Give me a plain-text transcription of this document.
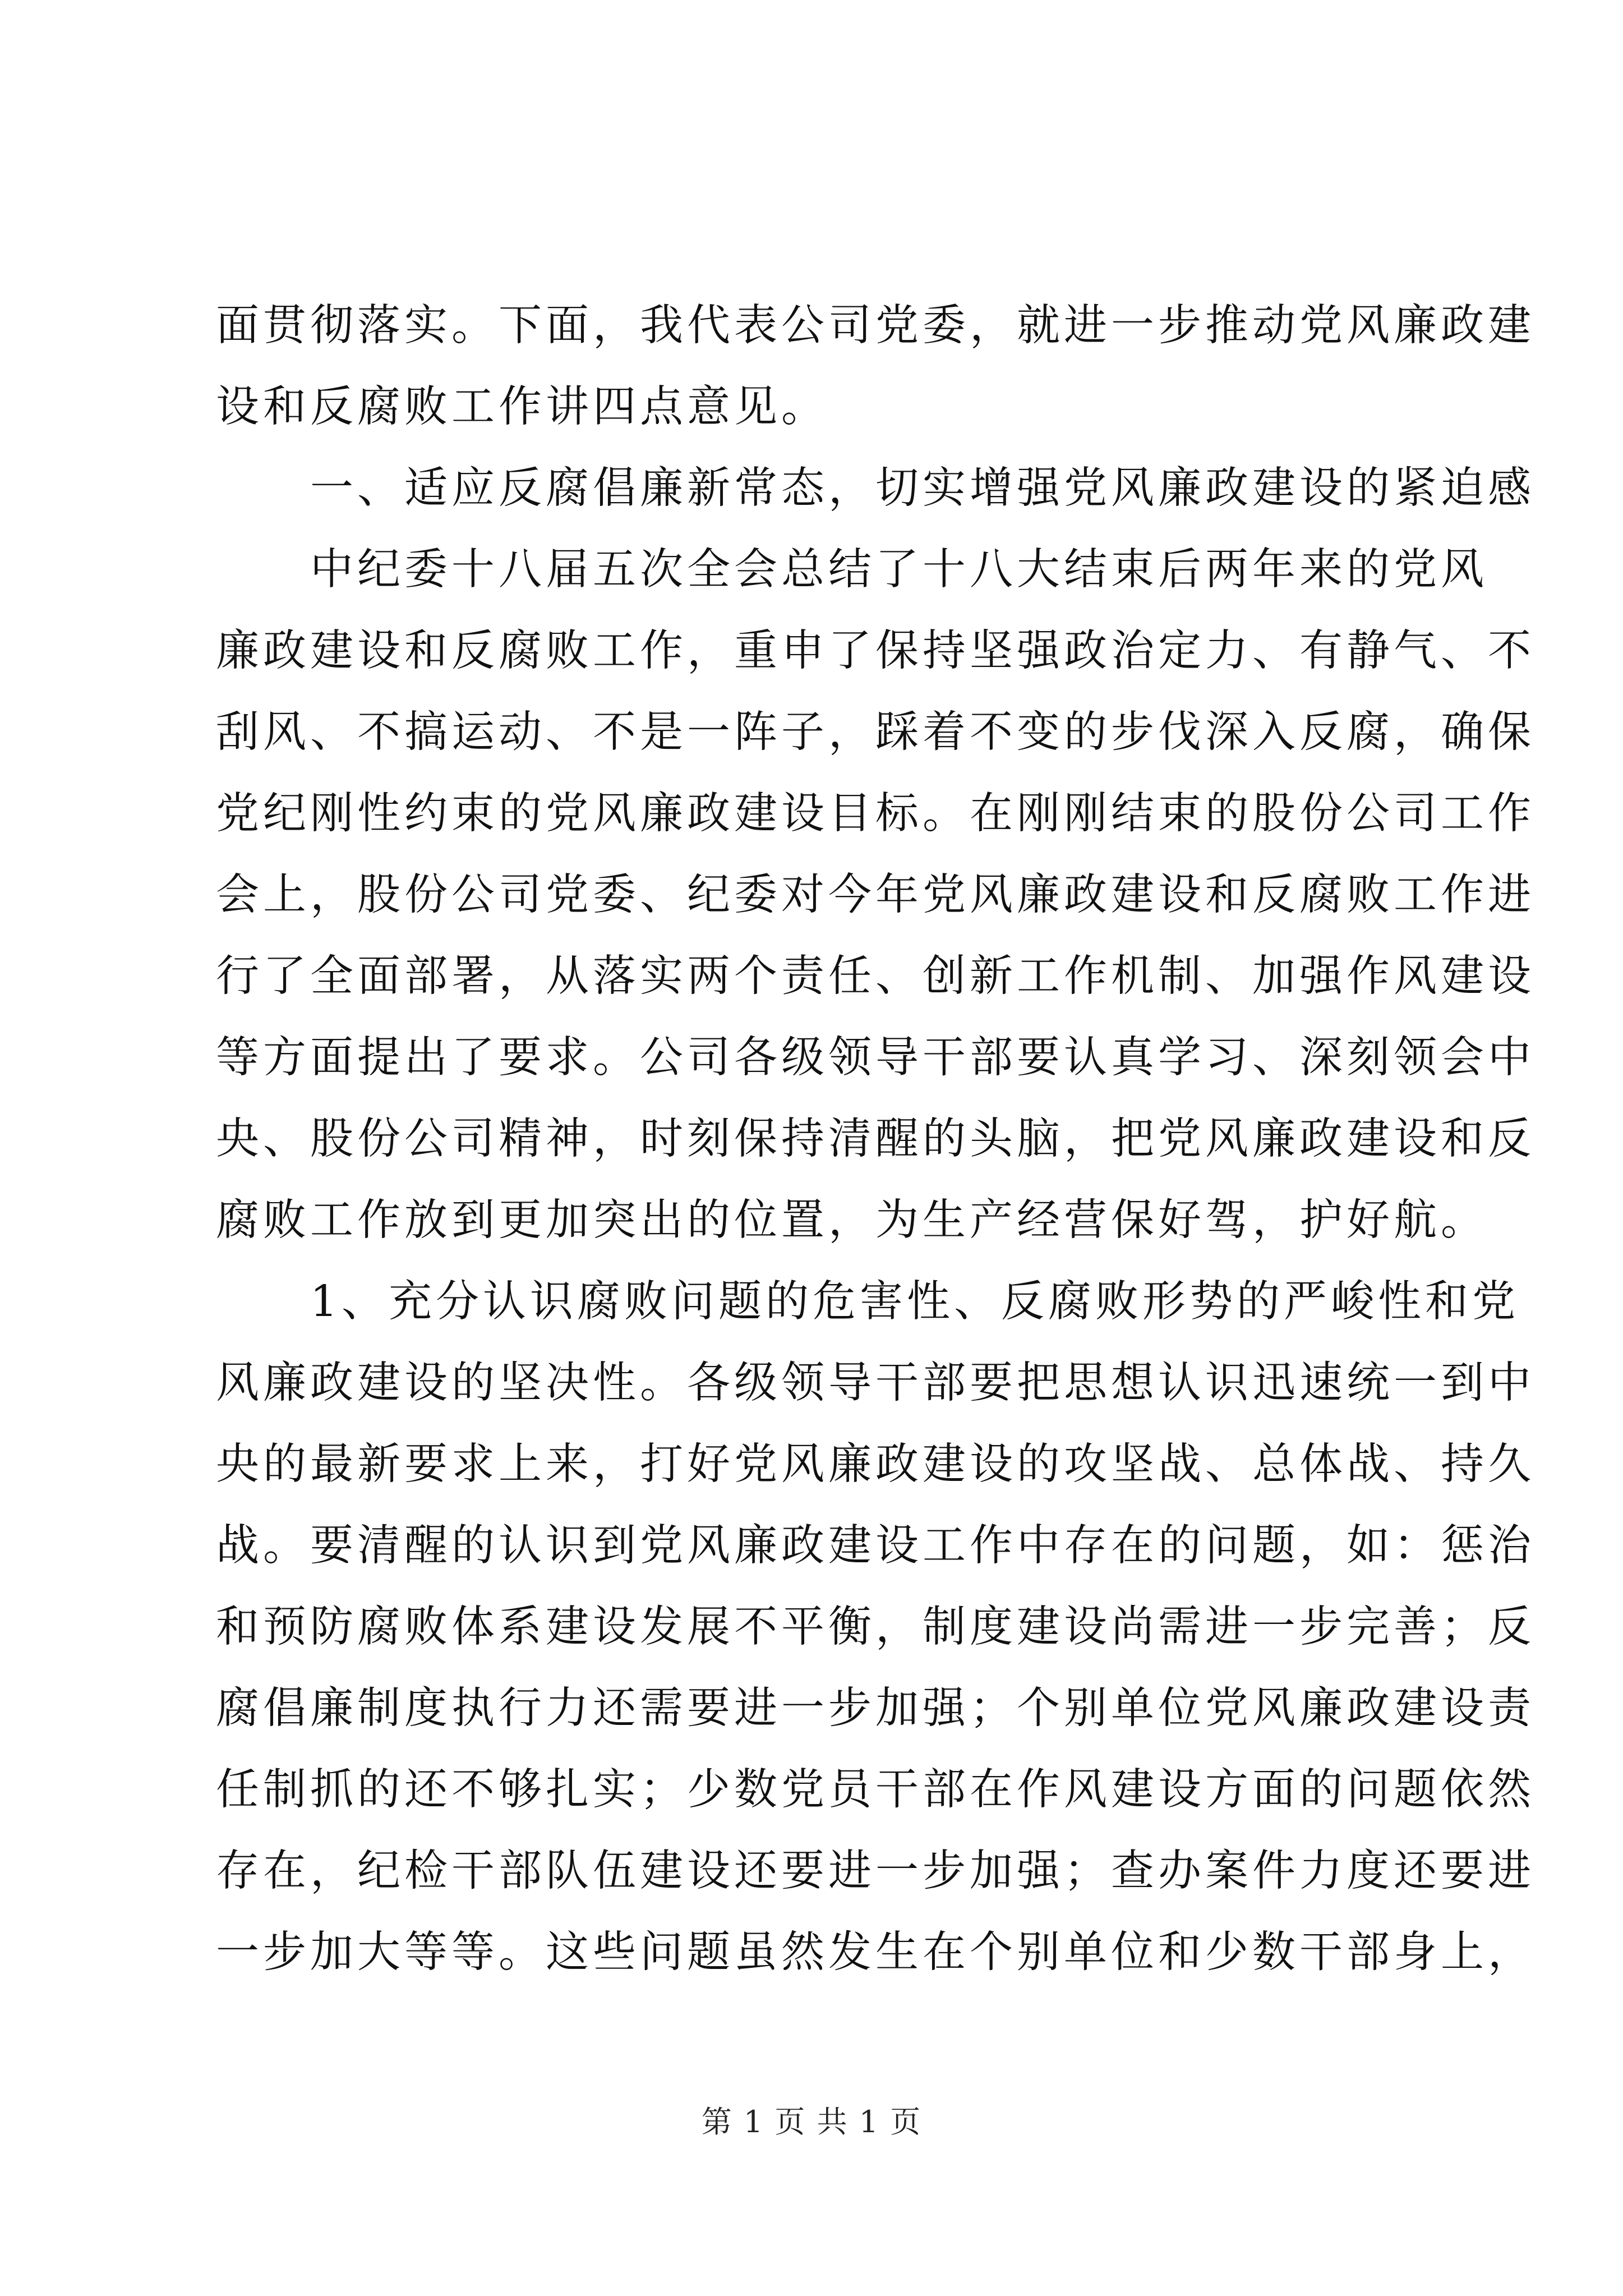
面贯彻落实。下面，我代表公司党委，就进一步推动党风廉政建
设和反腐败工作讲四点意见。
一、适应反腐倡廉新常态，切实增强党风廉政建设的紧迫感
中纪委十八届五次全会总结了十八大结束后两年来的党风
廉政建设和反腐败工作，重申了保持坚强政治定力、有静气、不
刮风、不搞运动、不是一阵子，踩着不变的步伐深入反腐，确保
党纪刚性约束的党风廉政建设目标。在刚刚结束的股份公司工作
会上，股份公司党委、纪委对今年党风廉政建设和反腐败工作进
行了全面部署，从落实两个责任、创新工作机制、加强作风建设
等方面提出了要求。公司各级领导干部要认真学习、深刻领会中
央、股份公司精神，时刻保持清醒的头脑，把党风廉政建设和反
腐败工作放到更加突出的位置，为生产经营保好驾，护好航。
1、充分认识腐败问题的危害性、反腐败形势的严峻性和党
风廉政建设的坚决性。各级领导干部要把思想认识迅速统一到中
央的最新要求上来，打好党风廉政建设的攻坚战、总体战、持久
战。要清醒的认识到党风廉政建设工作中存在的问题，如：惩治
和预防腐败体系建设发展不平衡，制度建设尚需进一步完善；反
腐倡廉制度执行力还需要进一步加强；个别单位党风廉政建设责
任制抓的还不够扎实；少数党员干部在作风建设方面的问题依然
存在，纪检干部队伍建设还要进一步加强；查办案件力度还要进
一步加大等等。这些问题虽然发生在个别单位和少数干部身上，
第 1 页 共 1 页
